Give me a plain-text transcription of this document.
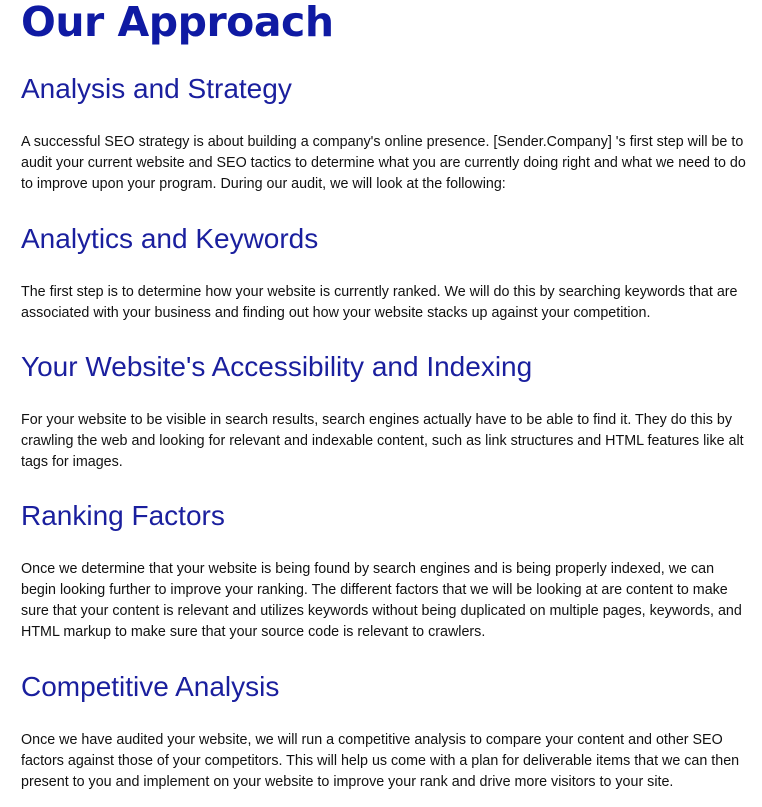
Our Approach
Analysis and Strategy

A successful SEO strategy is about building a company's online presence. [Sender.Company] 's first step will be to audit your current website and SEO tactics to determine what you are currently doing right and what we need to do to improve upon your program. During our audit, we will look at the following:

Analytics and Keywords

The first step is to determine how your website is currently ranked. We will do this by searching keywords that are associated with your business and finding out how your website stacks up against your competition.

Your Website's Accessibility and Indexing

For your website to be visible in search results, search engines actually have to be able to find it. They do this by crawling the web and looking for relevant and indexable content, such as link structures and HTML features like alt tags for images.

Ranking Factors

Once we determine that your website is being found by search engines and is being properly indexed, we can begin looking further to improve your ranking. The different factors that we will be looking at are content to make sure that your content is relevant and utilizes keywords without being duplicated on multiple pages, keywords, and HTML markup to make sure that your source code is relevant to crawlers.

Competitive Analysis

Once we have audited your website, we will run a competitive analysis to compare your content and other SEO factors against those of your competitors. This will help us come with a plan for deliverable items that we can then present to you and implement on your website to improve your rank and drive more visitors to your site.
